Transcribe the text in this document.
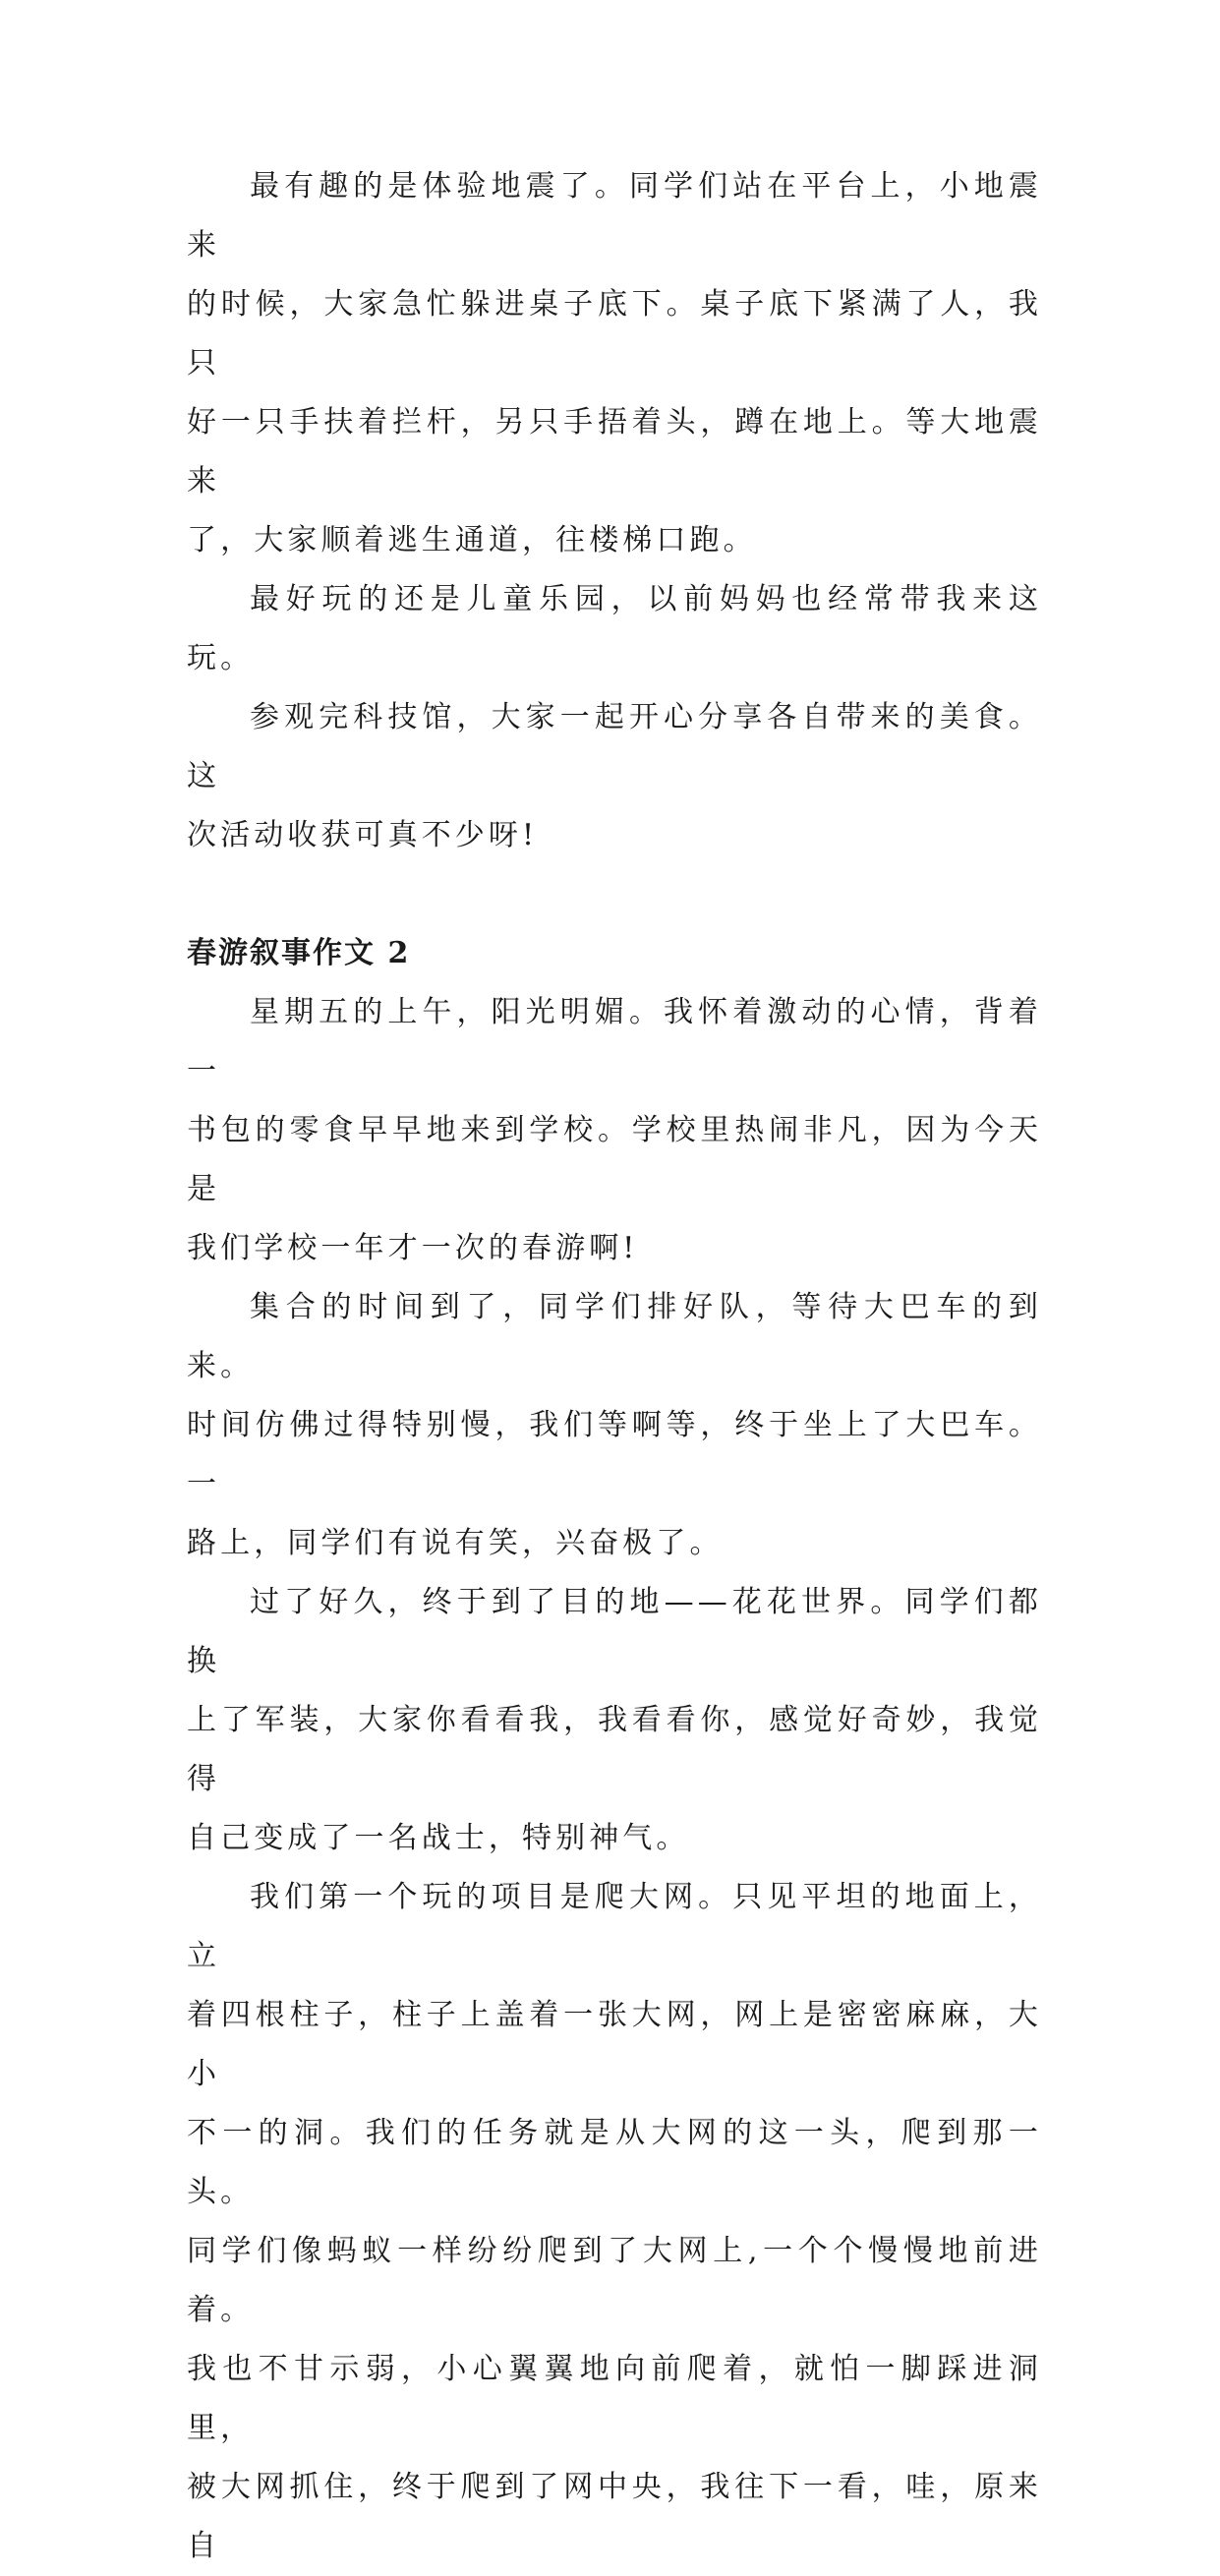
最有趣的是体验地震了。同学们站在平台上，小地震来
的时候，大家急忙躲进桌子底下。桌子底下紧满了人，我只
好一只手扶着拦杆，另只手捂着头，蹲在地上。等大地震来
了，大家顺着逃生通道，往楼梯口跑。

最好玩的还是儿童乐园，以前妈妈也经常带我来这玩。

参观完科技馆，大家一起开心分享各自带来的美食。这
次活动收获可真不少呀!

春游叙事作文 2

星期五的上午，阳光明媚。我怀着激动的心情，背着一
书包的零食早早地来到学校。学校里热闹非凡，因为今天是
我们学校一年才一次的春游啊!

集合的时间到了，同学们排好队，等待大巴车的到来。
时间仿佛过得特别慢，我们等啊等，终于坐上了大巴车。一
路上，同学们有说有笑，兴奋极了。

过了好久，终于到了目的地——花花世界。同学们都换
上了军装，大家你看看我，我看看你，感觉好奇妙，我觉得
自己变成了一名战士，特别神气。

我们第一个玩的项目是爬大网。只见平坦的地面上，立
着四根柱子，柱子上盖着一张大网，网上是密密麻麻，大小
不一的洞。我们的任务就是从大网的这一头，爬到那一头。
同学们像蚂蚁一样纷纷爬到了大网上,一个个慢慢地前进着。
我也不甘示弱，小心翼翼地向前爬着，就怕一脚踩进洞里，
被大网抓住，终于爬到了网中央，我往下一看，哇，原来自
